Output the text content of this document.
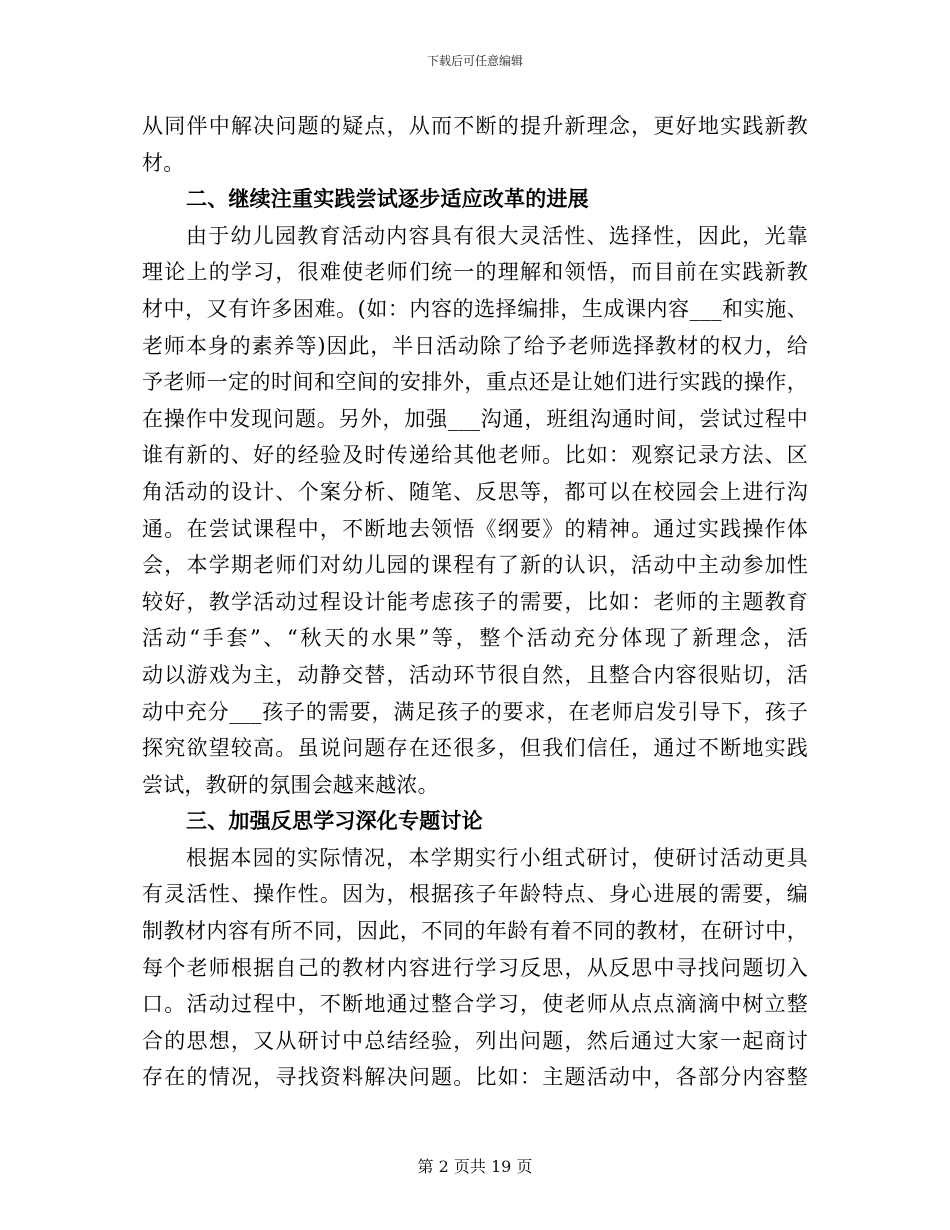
下载后可任意编辑
从同伴中解决问题的疑点，从而不断的提升新理念，更好地实践新教
材。
二、继续注重实践尝试逐步适应改革的进展
由于幼儿园教育活动内容具有很大灵活性、选择性，因此，光靠
理论上的学习，很难使老师们统一的理解和领悟，而目前在实践新教
材中，又有许多困难。(如：内容的选择编排，生成课内容___和实施、
老师本身的素养等)因此，半日活动除了给予老师选择教材的权力，给
予老师一定的时间和空间的安排外，重点还是让她们进行实践的操作，
在操作中发现问题。另外，加强___沟通，班组沟通时间，尝试过程中
谁有新的、好的经验及时传递给其他老师。比如：观察记录方法、区
角活动的设计、个案分析、随笔、反思等，都可以在校园会上进行沟
通。在尝试课程中，不断地去领悟《纲要》的精神。通过实践操作体
会，本学期老师们对幼儿园的课程有了新的认识，活动中主动参加性
较好，教学活动过程设计能考虑孩子的需要，比如：老师的主题教育
活动“手套”、“秋天的水果”等，整个活动充分体现了新理念，活
动以游戏为主，动静交替，活动环节很自然，且整合内容很贴切，活
动中充分___孩子的需要，满足孩子的要求，在老师启发引导下，孩子
探究欲望较高。虽说问题存在还很多，但我们信任，通过不断地实践
尝试，教研的氛围会越来越浓。
三、加强反思学习深化专题讨论
根据本园的实际情况，本学期实行小组式研讨，使研讨活动更具
有灵活性、操作性。因为，根据孩子年龄特点、身心进展的需要，编
制教材内容有所不同，因此，不同的年龄有着不同的教材，在研讨中，
每个老师根据自己的教材内容进行学习反思，从反思中寻找问题切入
口。活动过程中，不断地通过整合学习，使老师从点点滴滴中树立整
合的思想，又从研讨中总结经验，列出问题，然后通过大家一起商讨
存在的情况，寻找资料解决问题。比如：主题活动中，各部分内容整
第 2 页共 19 页
